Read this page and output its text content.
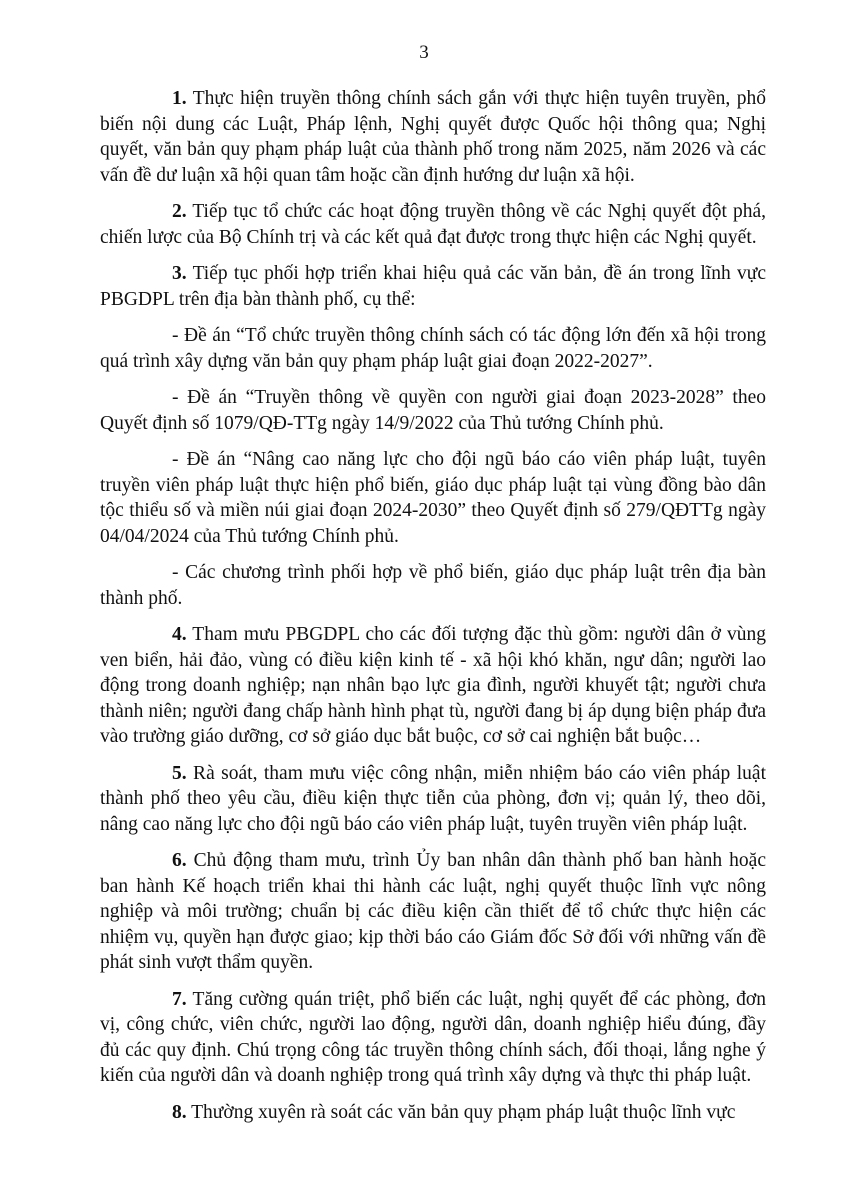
3

1. Thực hiện truyền thông chính sách gắn với thực hiện tuyên truyền, phổ biến nội dung các Luật, Pháp lệnh, Nghị quyết được Quốc hội thông qua; Nghị quyết, văn bản quy phạm pháp luật của thành phố trong năm 2025, năm 2026 và các vấn đề dư luận xã hội quan tâm hoặc cần định hướng dư luận xã hội.

2. Tiếp tục tổ chức các hoạt động truyền thông về các Nghị quyết đột phá, chiến lược của Bộ Chính trị và các kết quả đạt được trong thực hiện các Nghị quyết.

3. Tiếp tục phối hợp triển khai hiệu quả các văn bản, đề án trong lĩnh vực PBGDPL trên địa bàn thành phố, cụ thể:

- Đề án “Tổ chức truyền thông chính sách có tác động lớn đến xã hội trong quá trình xây dựng văn bản quy phạm pháp luật giai đoạn 2022-2027”.

- Đề án “Truyền thông về quyền con người giai đoạn 2023-2028” theo Quyết định số 1079/QĐ-TTg ngày 14/9/2022 của Thủ tướng Chính phủ.

- Đề án “Nâng cao năng lực cho đội ngũ báo cáo viên pháp luật, tuyên truyền viên pháp luật thực hiện phổ biến, giáo dục pháp luật tại vùng đồng bào dân tộc thiểu số và miền núi giai đoạn 2024-2030” theo Quyết định số 279/QĐTTg ngày 04/04/2024 của Thủ tướng Chính phủ.

- Các chương trình phối hợp về phổ biến, giáo dục pháp luật trên địa bàn thành phố.

4. Tham mưu PBGDPL cho các đối tượng đặc thù gồm: người dân ở vùng ven biển, hải đảo, vùng có điều kiện kinh tế - xã hội khó khăn, ngư dân; người lao động trong doanh nghiệp; nạn nhân bạo lực gia đình, người khuyết tật; người chưa thành niên; người đang chấp hành hình phạt tù, người đang bị áp dụng biện pháp đưa vào trường giáo dưỡng, cơ sở giáo dục bắt buộc, cơ sở cai nghiện bắt buộc…

5. Rà soát, tham mưu việc công nhận, miễn nhiệm báo cáo viên pháp luật thành phố theo yêu cầu, điều kiện thực tiễn của phòng, đơn vị; quản lý, theo dõi, nâng cao năng lực cho đội ngũ báo cáo viên pháp luật, tuyên truyền viên pháp luật.

6. Chủ động tham mưu, trình Ủy ban nhân dân thành phố ban hành hoặc ban hành Kế hoạch triển khai thi hành các luật, nghị quyết thuộc lĩnh vực nông nghiệp và môi trường; chuẩn bị các điều kiện cần thiết để tổ chức thực hiện các nhiệm vụ, quyền hạn được giao; kịp thời báo cáo Giám đốc Sở đối với những vấn đề phát sinh vượt thẩm quyền.

7. Tăng cường quán triệt, phổ biến các luật, nghị quyết để các phòng, đơn vị, công chức, viên chức, người lao động, người dân, doanh nghiệp hiểu đúng, đầy đủ các quy định. Chú trọng công tác truyền thông chính sách, đối thoại, lắng nghe ý kiến của người dân và doanh nghiệp trong quá trình xây dựng và thực thi pháp luật.

8. Thường xuyên rà soát các văn bản quy phạm pháp luật thuộc lĩnh vực
